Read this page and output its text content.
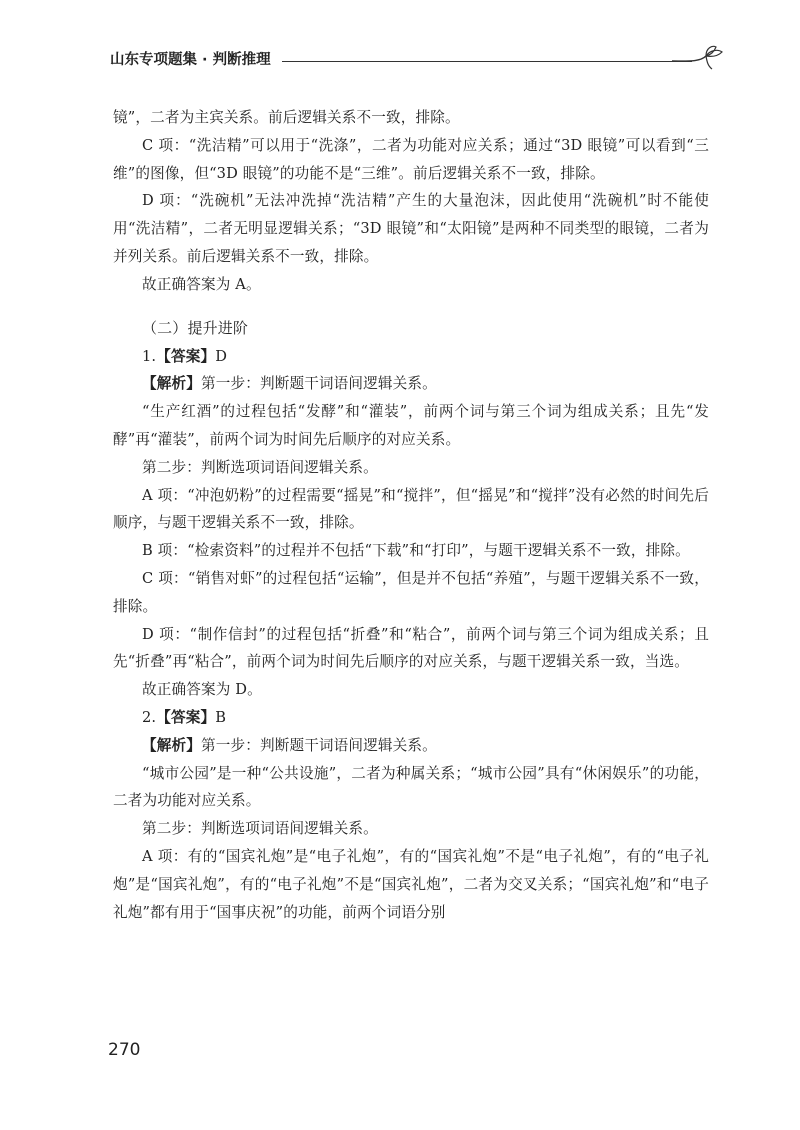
山东专项题集 · 判断推理

镜”，二者为主宾关系。前后逻辑关系不一致，排除。

C 项：“洗洁精”可以用于“洗涤”，二者为功能对应关系；通过“3D 眼镜”可以看到“三维”的图像，但“3D 眼镜”的功能不是“三维”。前后逻辑关系不一致，排除。

D 项：“洗碗机”无法冲洗掉“洗洁精”产生的大量泡沫，因此使用“洗碗机”时不能使用“洗洁精”，二者无明显逻辑关系；“3D 眼镜”和“太阳镜”是两种不同类型的眼镜，二者为并列关系。前后逻辑关系不一致，排除。

故正确答案为 A。

（二）提升进阶

1.【答案】D

【解析】第一步：判断题干词语间逻辑关系。

“生产红酒”的过程包括“发酵”和“灌装”，前两个词与第三个词为组成关系；且先“发酵”再“灌装”，前两个词为时间先后顺序的对应关系。

第二步：判断选项词语间逻辑关系。

A 项：“冲泡奶粉”的过程需要“摇晃”和“搅拌”，但“摇晃”和“搅拌”没有必然的时间先后顺序，与题干逻辑关系不一致，排除。

B 项：“检索资料”的过程并不包括“下载”和“打印”，与题干逻辑关系不一致，排除。

C 项：“销售对虾”的过程包括“运输”，但是并不包括“养殖”，与题干逻辑关系不一致，排除。

D 项：“制作信封”的过程包括“折叠”和“粘合”，前两个词与第三个词为组成关系；且先“折叠”再“粘合”，前两个词为时间先后顺序的对应关系，与题干逻辑关系一致，当选。

故正确答案为 D。

2.【答案】B

【解析】第一步：判断题干词语间逻辑关系。

“城市公园”是一种“公共设施”，二者为种属关系；“城市公园”具有“休闲娱乐”的功能，二者为功能对应关系。

第二步：判断选项词语间逻辑关系。

A 项：有的“国宾礼炮”是“电子礼炮”，有的“国宾礼炮”不是“电子礼炮”，有的“电子礼炮”是“国宾礼炮”，有的“电子礼炮”不是“国宾礼炮”，二者为交叉关系；“国宾礼炮”和“电子礼炮”都有用于“国事庆祝”的功能，前两个词语分别

270
